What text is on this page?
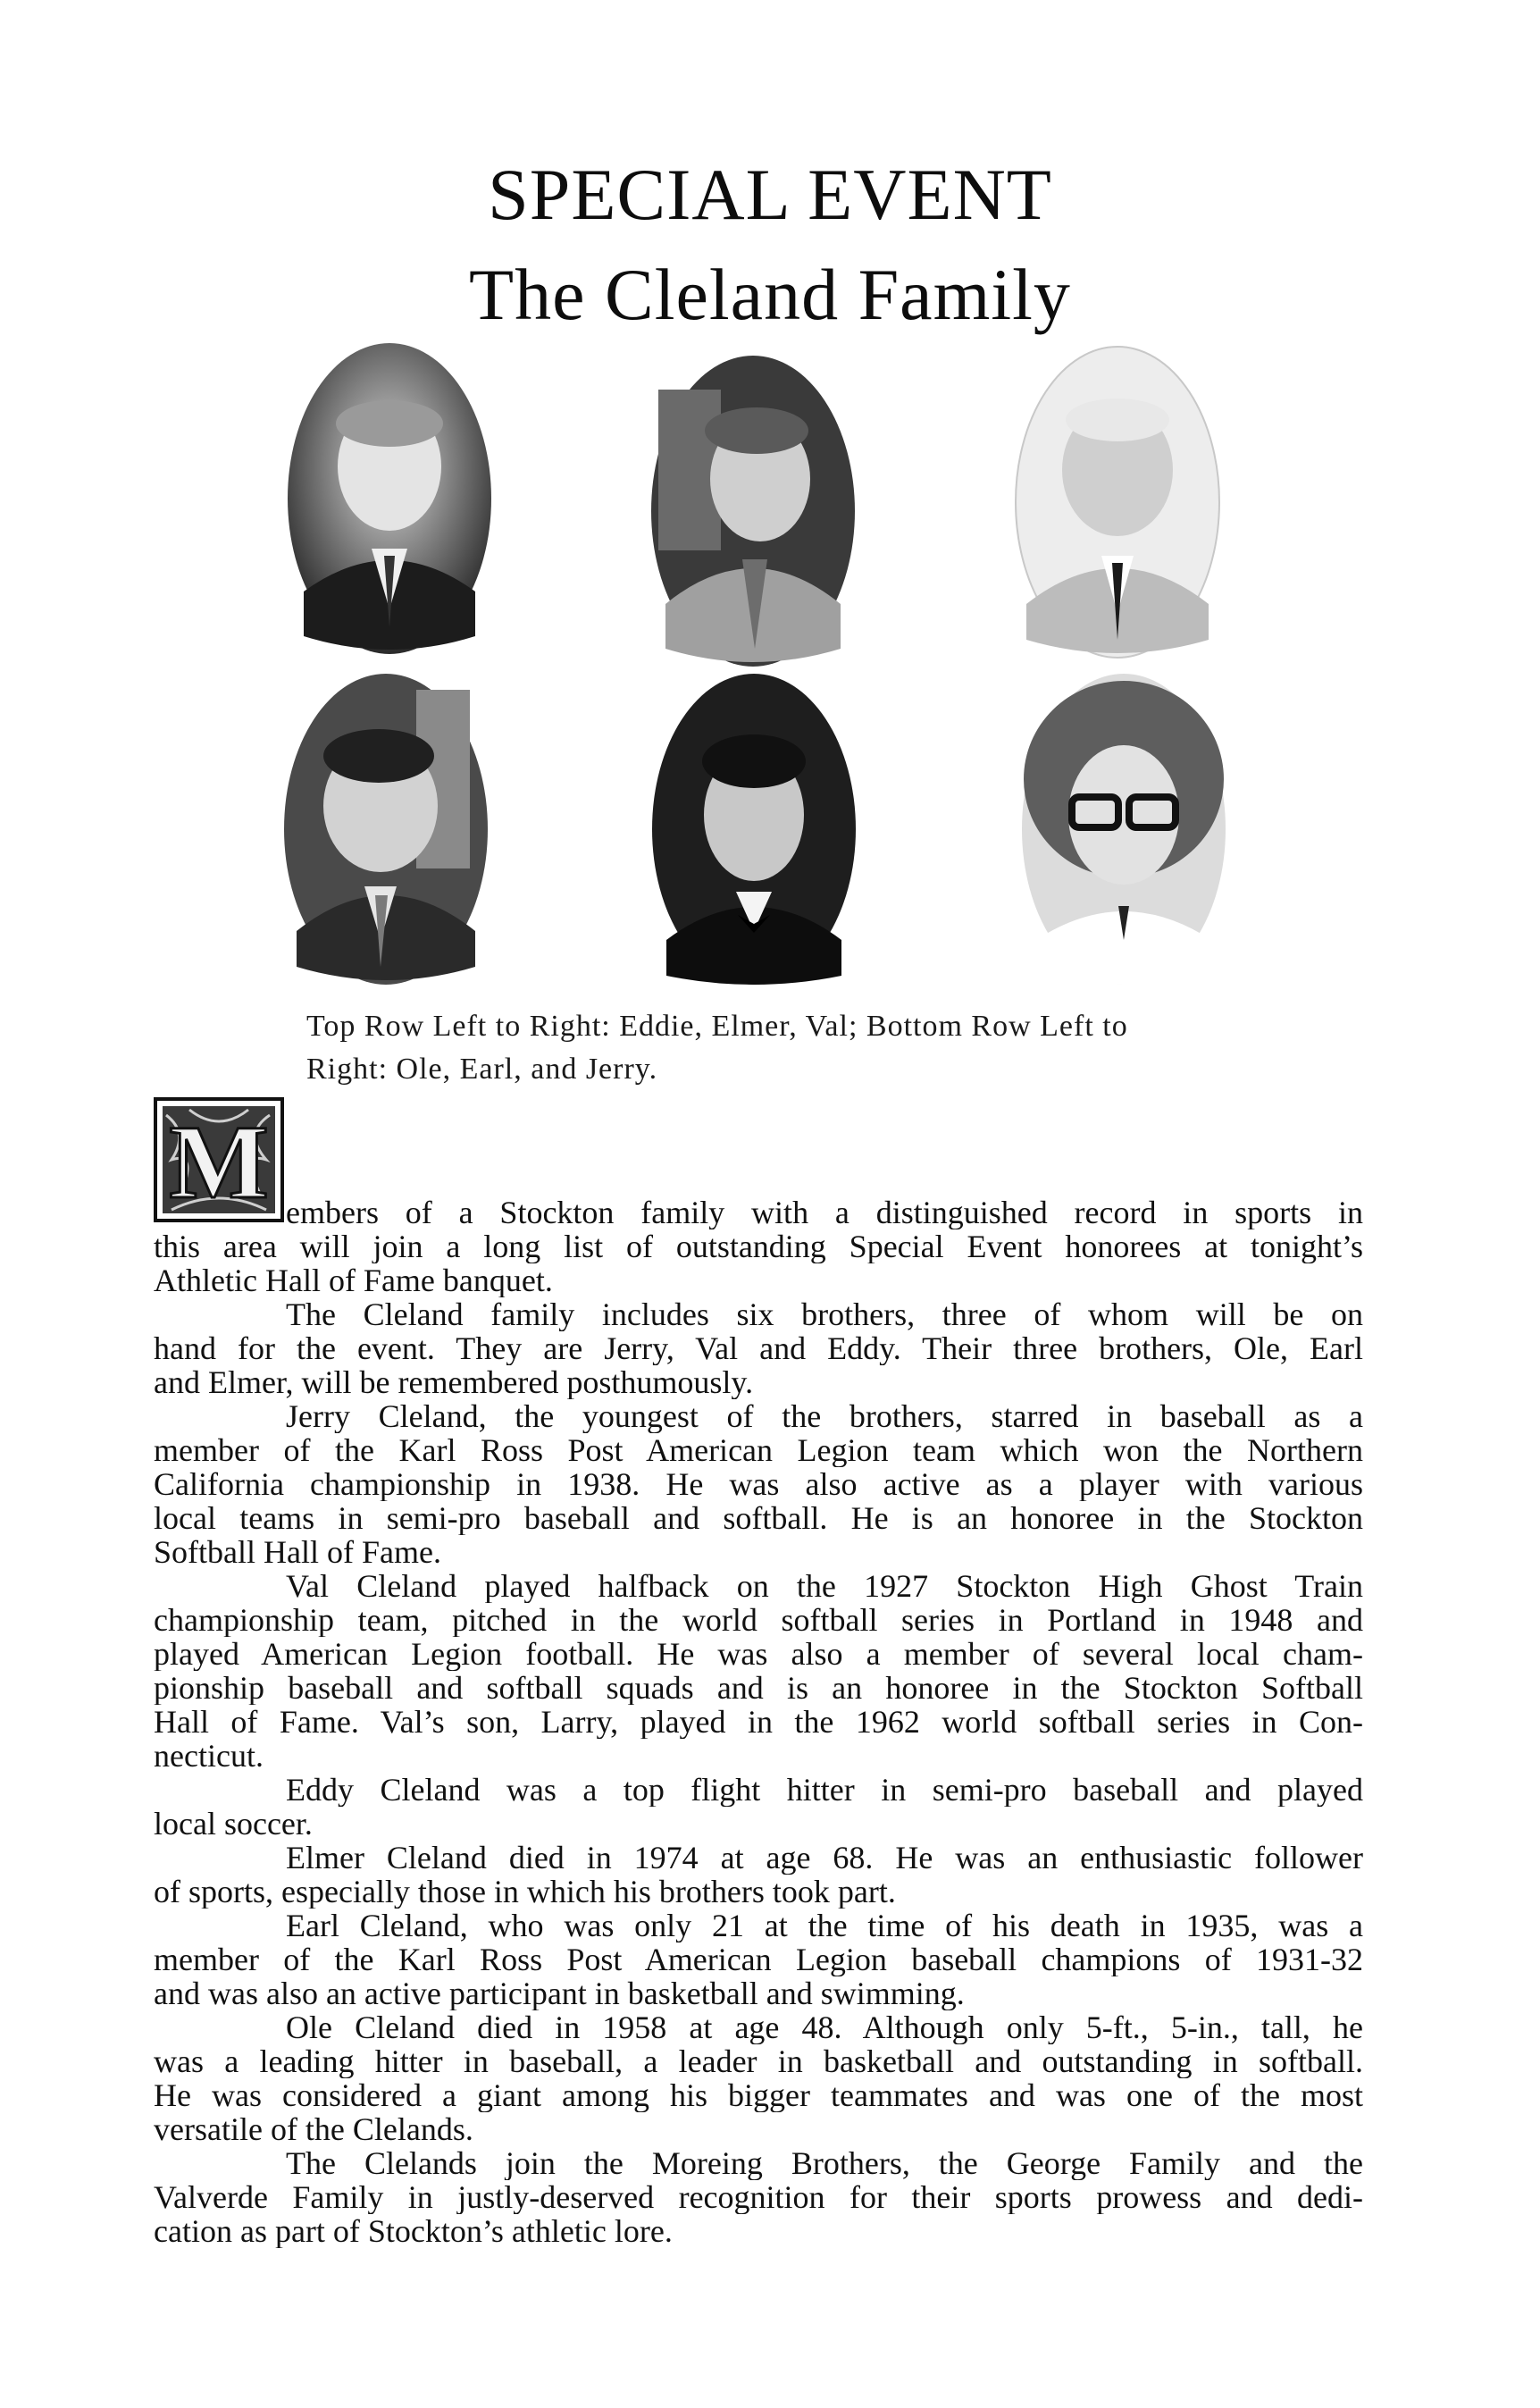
SPECIAL EVENT
The Cleland Family
Top Row Left to Right: Eddie, Elmer, Val; Bottom Row Left to
Right: Ole, Earl, and Jerry.
M embers of a Stockton family with a distinguished record in sports in

this area will join a long list of outstanding Special Event honorees at tonight’s

Athletic Hall of Fame banquet.

The Cleland family includes six brothers, three of whom will be on

hand for the event. They are Jerry, Val and Eddy. Their three brothers, Ole, Earl

and Elmer, will be remembered posthumously.

Jerry Cleland, the youngest of the brothers, starred in baseball as a

member of the Karl Ross Post American Legion team which won the Northern

California championship in 1938. He was also active as a player with various

local teams in semi-pro baseball and softball. He is an honoree in the Stockton

Softball Hall of Fame.

Val Cleland played halfback on the 1927 Stockton High Ghost Train

championship team, pitched in the world softball series in Portland in 1948 and

played American Legion football. He was also a member of several local cham-

pionship baseball and softball squads and is an honoree in the Stockton Softball

Hall of Fame. Val’s son, Larry, played in the 1962 world softball series in Con-

necticut.

Eddy Cleland was a top flight hitter in semi-pro baseball and played

local soccer.

Elmer Cleland died in 1974 at age 68. He was an enthusiastic follower

of sports, especially those in which his brothers took part.

Earl Cleland, who was only 21 at the time of his death in 1935, was a

member of the Karl Ross Post American Legion baseball champions of 1931-32

and was also an active participant in basketball and swimming.

Ole Cleland died in 1958 at age 48. Although only 5-ft., 5-in., tall, he

was a leading hitter in baseball, a leader in basketball and outstanding in softball.

He was considered a giant among his bigger teammates and was one of the most

versatile of the Clelands.

The Clelands join the Moreing Brothers, the George Family and the

Valverde Family in justly-deserved recognition for their sports prowess and dedi-

cation as part of Stockton’s athletic lore.
